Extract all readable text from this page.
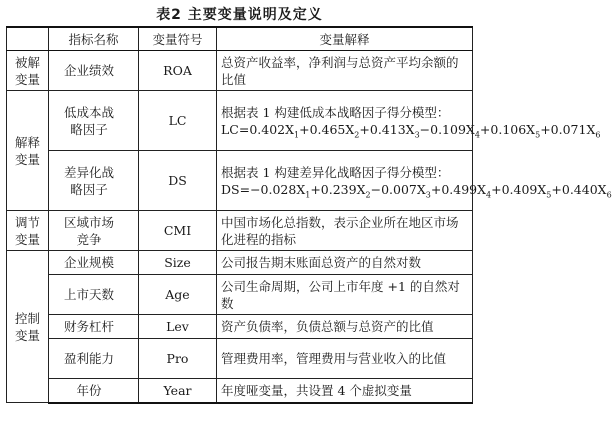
表2 主要变量说明及定义
	指标名称	变量符号	变量解释
被解变量	企业绩效	ROA	总资产收益率，净利润与总资产平均余额的比值
解释变量	低成本战略因子	LC	根据表 1 构建低成本战略因子得分模型：$LC=0.402X_1+0.465X_2+0.413X_3-0.109X_4+0.106X_5+0.071X_6$
	差异化战略因子	DS	根据表 1 构建差异化战略因子得分模型：$DS=-0.028X_1+0.239X_2-0.007X_3+0.499X_4+0.409X_5+0.440X_6$
调节变量	区域市场竞争	CMI	中国市场化总指数，表示企业所在地区市场化进程的指标
控制变量	企业规模	Size	公司报告期末账面总资产的自然对数
	上市天数	Age	公司生命周期，公司上市年度 +1 的自然对数
	财务杠杆	Lev	资产负债率，负债总额与总资产的比值
	盈利能力	Pro	管理费用率，管理费用与营业收入的比值
	年份	Year	年度哑变量，共设置 4 个虚拟变量
